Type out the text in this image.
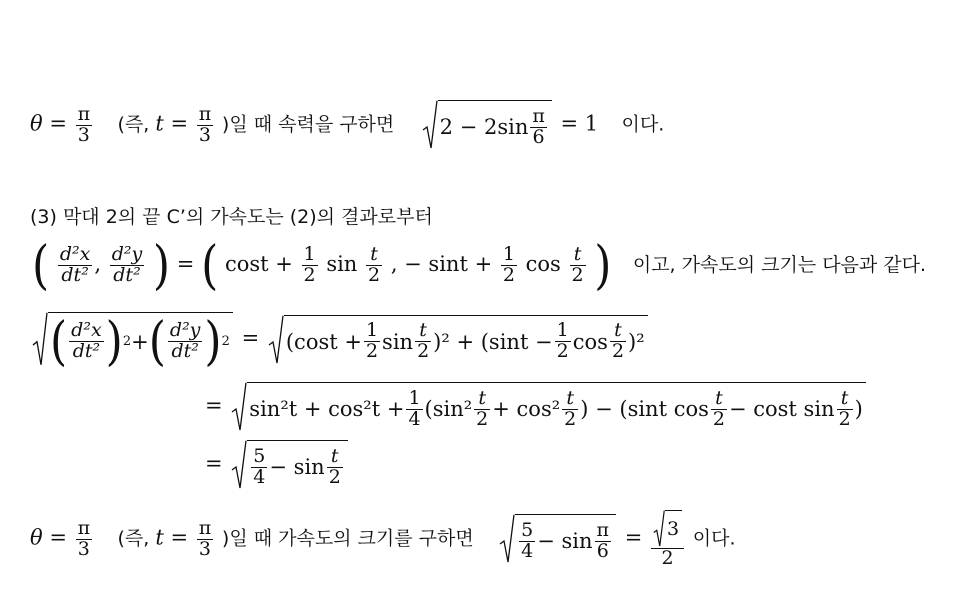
$\theta = \frac{\pi}{3}$ (즉, $t = \frac{\pi}{3}$ )일 때 속력을 구하면 $2 - 2\sin \frac{\pi}{6} = 1$ 이다.
(3) 막대 2의 끝 C’의 가속도는 (2)의 결과로부터
( $\frac{\text{d²x}}{\text{dt²}}$ , $\frac{\text{d²y}}{\text{dt²}}$ ) = ( $\cos t + \frac{1}{2}$ $\sin \frac{t}{2}$ , − $\sin t + \frac{1}{2}$ $\cos \frac{t}{2}$ ) 이고, 가속도의 크기는 다음과 같다.
( $\frac{\text{d²x}}{\text{dt²}}$ ) 2 + ( $\frac{\text{d²y}}{\text{dt²}}$ ) $2 = (\cos t + \frac{1}{2}$ $\sin \frac{t}{2} )^2 + (\sin t - \frac{1}{2}$ $\cos \frac{t}{2} )^2$
= $\sin^2t + \cos^2t + \frac{1}{4} (\sin^2 \frac{t}{2} + \cos^2 \frac{t}{2}$ ) − (sint $\cos \frac{t}{2} - \cos t$ $\sin \frac{t}{2}$ )
= $\frac{5}{4} - \sin \frac{t}{2}$
$\theta = \frac{\pi}{3}$ (즉, $t = \frac{\pi}{3}$ )일 때 가속도의 크기를 구하면 $\frac{5}{4} - \sin \frac{\pi}{6} = \frac{3}{2}$ 이다.
